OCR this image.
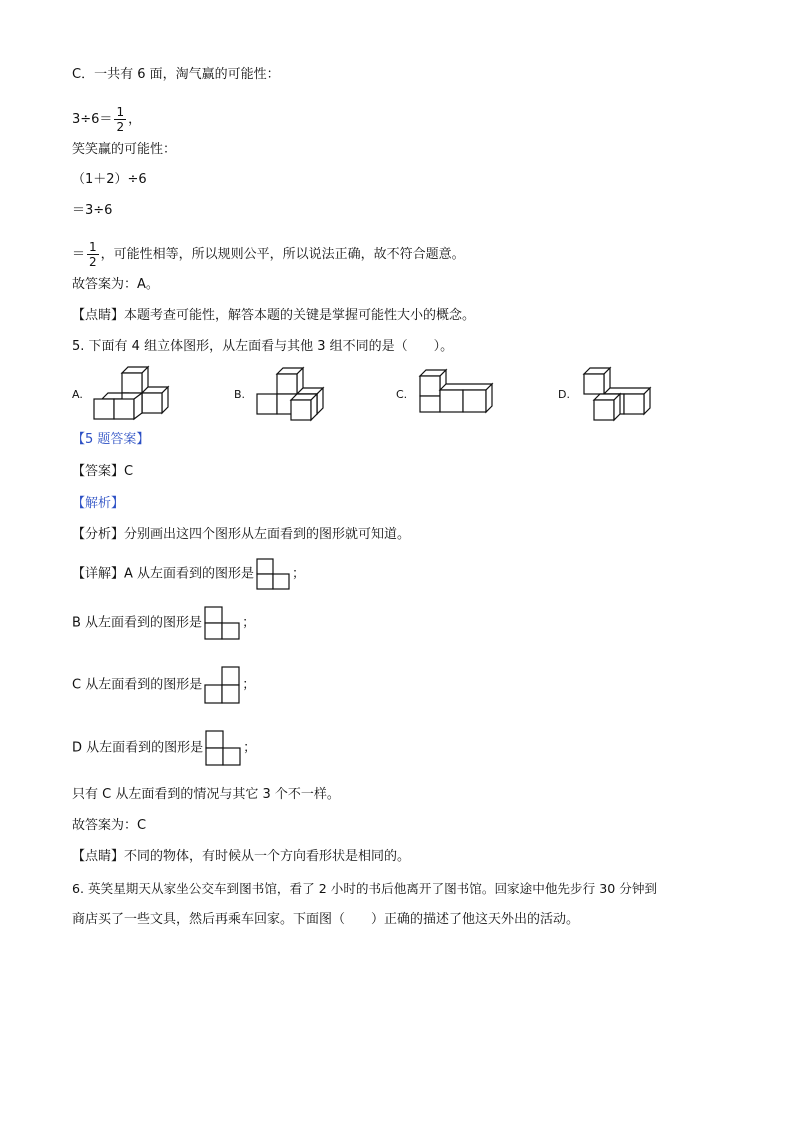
C．一共有 6 面，淘气赢的可能性：
$3\div 6= \frac{1}{2}$ ，
笑笑赢的可能性：
（1＋2）÷6
＝3÷6
＝ $\frac{1}{2}$ ，可能性相等，所以规则公平，所以说法正确，故不符合题意。
故答案为：A。
【点睛】本题考查可能性，解答本题的关键是掌握可能性大小的概念。
5. 下面有 4 组立体图形，从左面看与其他 3 组不同的是（　　）。
A.	B.	C.	D.
【5 题答案】
【答案】C
【解析】
【分析】分别画出这四个图形从左面看到的图形就可知道。
【详解】A 从左面看到的图形是	；
B 从左面看到的图形是	；
C 从左面看到的图形是	；
D 从左面看到的图形是	；
只有 C 从左面看到的情况与其它 3 个不一样。
故答案为：C
【点睛】不同的物体，有时候从一个方向看形状是相同的。
6. 英笑星期天从家坐公交车到图书馆，看了 2 小时的书后他离开了图书馆。回家途中他先步行 30 分钟到
商店买了一些文具，然后再乘车回家。下面图（　　）正确的描述了他这天外出的活动。
